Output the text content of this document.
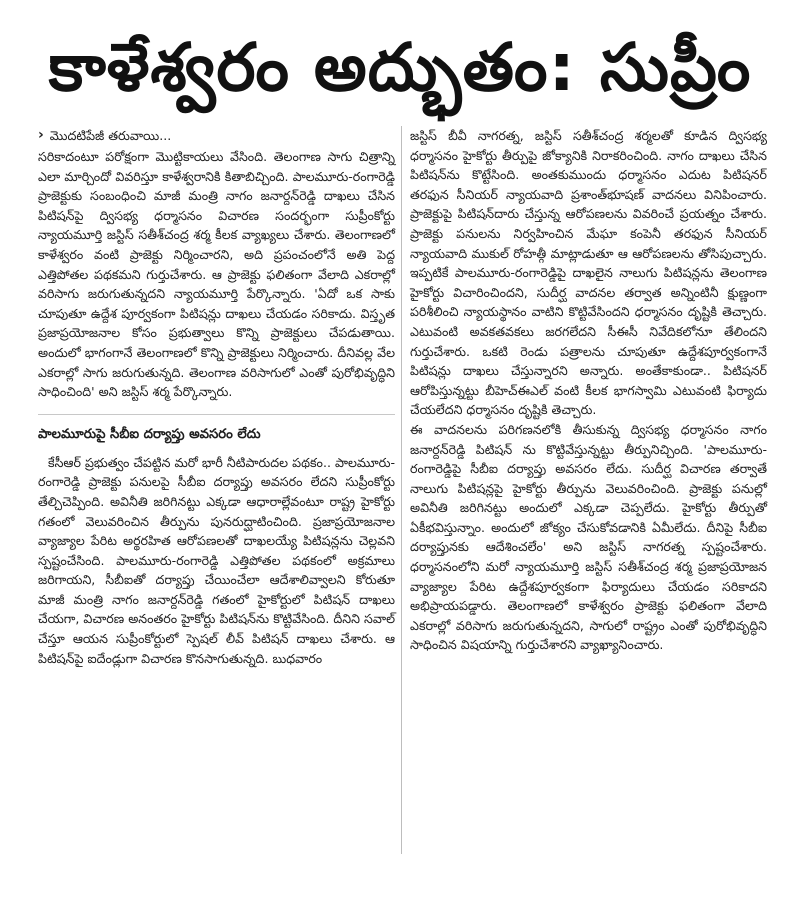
కాళేశ్వరం అద్భుతం: సుప్రీం
› మొదటిపేజీ తరువాయి...

సరికాదంటూ పరోక్షంగా మొట్టికాయలు వేసింది. తెలంగాణ సాగు చిత్రాన్ని ఎలా మార్చిందో వివరిస్తూ కాళేశ్వరానికి కితాబిచ్చింది. పాలమూరు-రంగారెడ్డి ప్రాజెక్టుకు సంబంధించి మాజీ మంత్రి నాగం జనార్దన్‌రెడ్డి దాఖలు చేసిన పిటిషన్‌పై ద్విసభ్య ధర్మాసనం విచారణ సందర్భంగా సుప్రీంకోర్టు న్యాయమూర్తి జస్టిస్ సతీశ్‌చంద్ర శర్మ కీలక వ్యాఖ్యలు చేశారు. తెలంగాణలో కాళేశ్వరం వంటి ప్రాజెక్టు నిర్మించారని, అది ప్రపంచంలోనే అతి పెద్ద ఎత్తిపోతల పథకమని గుర్తుచేశారు. ఆ ప్రాజెక్టు ఫలితంగా వేలాది ఎకరాల్లో వరిసాగు జరుగుతున్నదని న్యాయమూర్తి పేర్కొన్నారు. 'ఏదో ఒక సాకు చూపుతూ ఉద్దేశ పూర్వకంగా పిటిషన్లు దాఖలు చేయడం సరికాదు. విస్తృత ప్రజాప్రయోజనాల కోసం ప్రభుత్వాలు కొన్ని ప్రాజెక్టులు చేపడుతాయి. అందులో భాగంగానే తెలంగాణలో కొన్ని ప్రాజెక్టులు నిర్మించారు. దీనివల్ల వేల ఎకరాల్లో సాగు జరుగుతున్నది. తెలంగాణ వరిసాగులో ఎంతో పురోభివృద్ధిని సాధించింది' అని జస్టిస్ శర్మ పేర్కొన్నారు.

పాలమూరుపై సీబీఐ దర్యాప్తు అవసరం లేదు

కేసీఆర్ ప్రభుత్వం చేపట్టిన మరో భారీ నీటిపారుదల పథకం.. పాలమూరు-రంగారెడ్డి ప్రాజెక్టు పనులపై సీబీఐ దర్యాప్తు అవసరం లేదని సుప్రీంకోర్టు తేల్చిచెప్పింది. అవినీతి జరిగినట్టు ఎక్కడా ఆధారాల్లేవంటూ రాష్ట్ర హైకోర్టు గతంలో వెలువరించిన తీర్పును పునరుద్ఘాటించింది. ప్రజాప్రయోజనాల వ్యాజ్యాల పేరిట అర్థరహిత ఆరోపణలతో దాఖలయ్యే పిటిషన్లను చెల్లవని స్పష్టంచేసింది. పాలమూరు-రంగారెడ్డి ఎత్తిపోతల పథకంలో అక్రమాలు జరిగాయని, సీబీఐతో దర్యాప్తు చేయించేలా ఆదేశాలివ్వాలని కోరుతూ మాజీ మంత్రి నాగం జనార్దన్‌రెడ్డి గతంలో హైకోర్టులో పిటిషన్ దాఖలు చేయగా, విచారణ అనంతరం హైకోర్టు పిటిషన్‌ను కొట్టివేసింది. దీనిని సవాల్ చేస్తూ ఆయన సుప్రీంకోర్టులో స్పెషల్ లీవ్ పిటిషన్ దాఖలు చేశారు. ఆ పిటిషన్‌పై ఐదేండ్లుగా విచారణ కొనసాగుతున్నది. బుధవారం

జస్టిస్ బీవీ నాగరత్న, జస్టిస్ సతీశ్‌చంద్ర శర్మలతో కూడిన ద్విసభ్య ధర్మాసనం హైకోర్టు తీర్పుపై జోక్యానికి నిరాకరించింది. నాగం దాఖలు చేసిన పిటిషన్‌ను కొట్టేసింది. అంతకుముందు ధర్మాసనం ఎదుట పిటిషనర్ తరఫున సీనియర్ న్యాయవాది ప్రశాంత్‌భూషణ్ వాదనలు వినిపించారు. ప్రాజెక్టుపై పిటిషన్‌దారు చేస్తున్న ఆరోపణలను వివరించే ప్రయత్నం చేశారు. ప్రాజెక్టు పనులను నిర్వహించిన మేఘా కంపెనీ తరఫున సీనియర్ న్యాయవాది ముకుల్ రోహత్గీ మాట్లాడుతూ ఆ ఆరోపణలను తోసిపుచ్చారు. ఇప్పటికే పాలమూరు-రంగారెడ్డిపై దాఖలైన నాలుగు పిటిషన్లను తెలంగాణ హైకోర్టు విచారించిందని, సుదీర్ఘ వాదనల తర్వాత అన్నింటినీ క్షుణ్ణంగా పరిశీలించి న్యాయస్థానం వాటిని కొట్టివేసిందని ధర్మాసనం దృష్టికి తెచ్చారు. ఎటువంటి అవకతవకలు జరగలేదని సీఈసీ నివేదికలోనూ తేలిందని గుర్తుచేశారు. ఒకటి రెండు పత్రాలను చూపుతూ ఉద్దేశపూర్వకంగానే పిటిషన్లు దాఖలు చేస్తున్నారని అన్నారు. అంతేకాకుండా.. పిటిషనర్ ఆరోపిస్తున్నట్టు బీహెచ్ఈఎల్ వంటి కీలక భాగస్వామి ఎటువంటి ఫిర్యాదు చేయలేదని ధర్మాసనం దృష్టికి తెచ్చారు.

ఈ వాదనలను పరిగణనలోకి తీసుకున్న ద్విసభ్య ధర్మాసనం నాగం జనార్దన్‌రెడ్డి పిటిషన్ ను కొట్టివేస్తున్నట్టు తీర్పునిచ్చింది. 'పాలమూరు-రంగారెడ్డిపై సీబీఐ దర్యాప్తు అవసరం లేదు. సుదీర్ఘ విచారణ తర్వాతే నాలుగు పిటిషన్లపై హైకోర్టు తీర్పును వెలువరించింది. ప్రాజెక్టు పనుల్లో అవినీతి జరిగినట్టు అందులో ఎక్కడా చెప్పలేదు. హైకోర్టు తీర్పుతో ఏకీభవిస్తున్నాం. అందులో జోక్యం చేసుకోవడానికి ఏమీలేదు. దీనిపై సీబీఐ దర్యాప్తునకు ఆదేశించలేం' అని జస్టిస్ నాగరత్న స్పష్టంచేశారు. ధర్మాసనంలోని మరో న్యాయమూర్తి జస్టిస్ సతీశ్‌చంద్ర శర్మ ప్రజాప్రయోజన వ్యాజ్యాల పేరిట ఉద్దేశపూర్వకంగా ఫిర్యాదులు చేయడం సరికాదని అభిప్రాయపడ్డారు. తెలంగాణలో కాళేశ్వరం ప్రాజెక్టు ఫలితంగా వేలాది ఎకరాల్లో వరిసాగు జరుగుతున్నదని, సాగులో రాష్ట్రం ఎంతో పురోభివృద్ధిని సాధించిన విషయాన్ని గుర్తుచేశారని వ్యాఖ్యానించారు.
